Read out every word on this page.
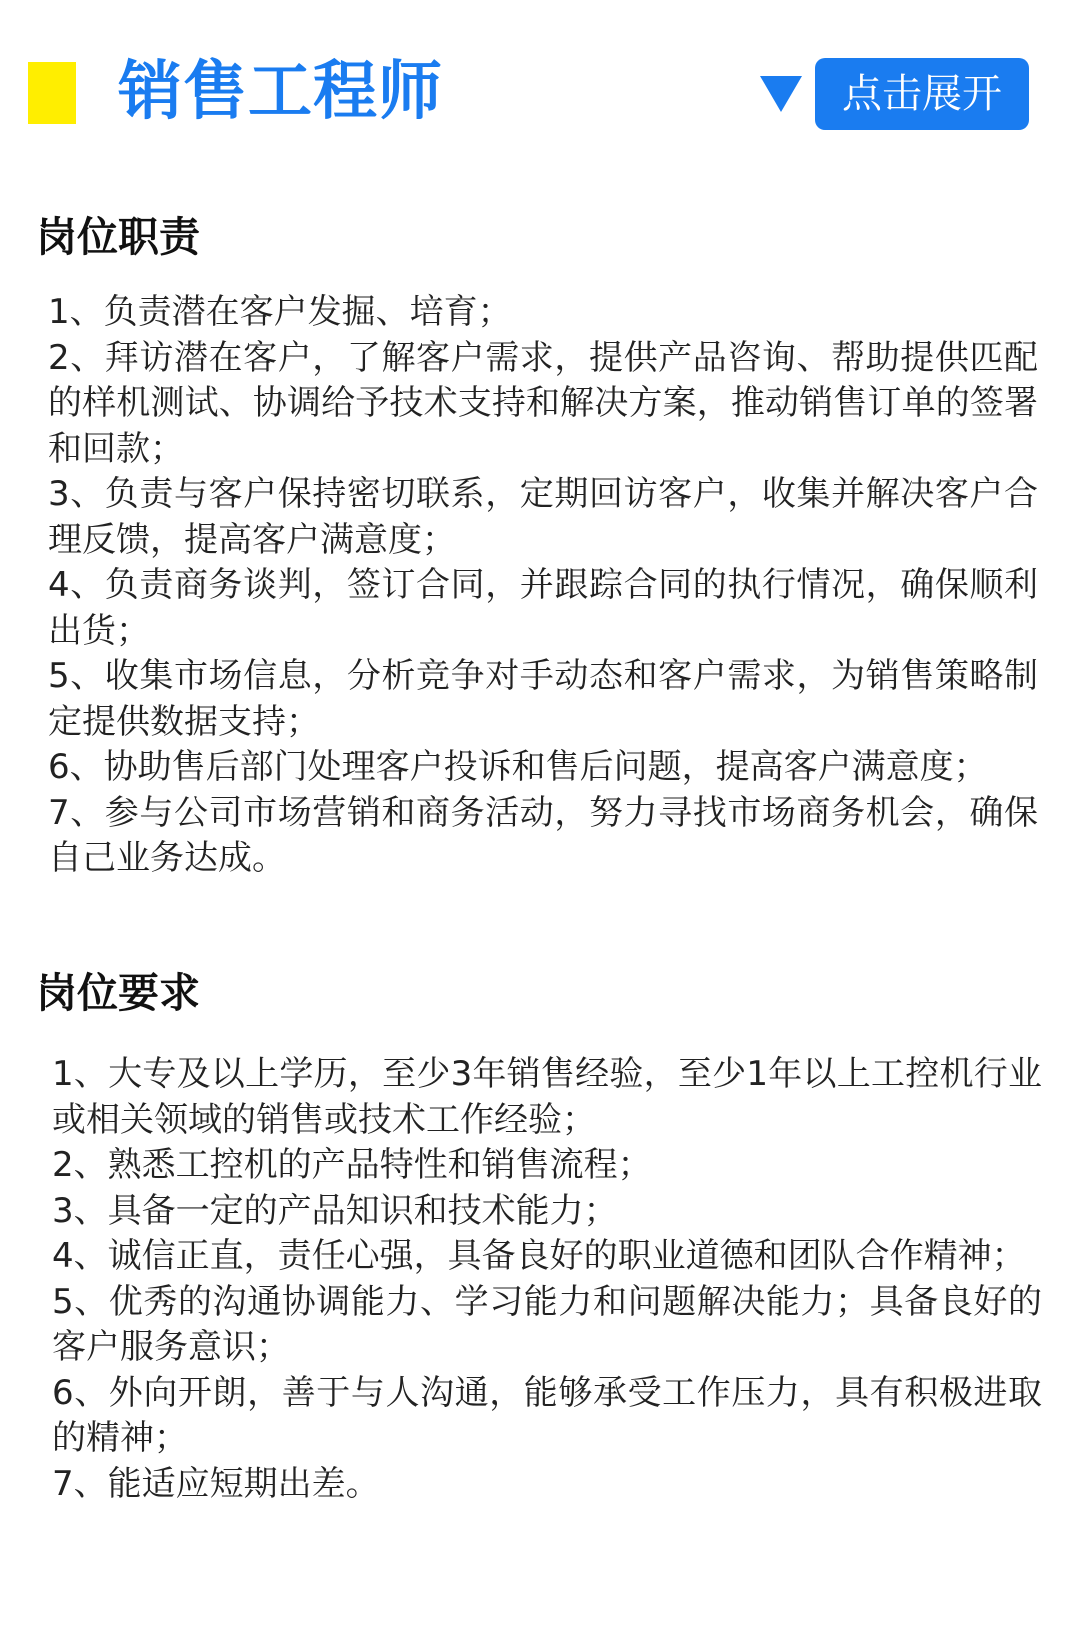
销售工程师	点击展开
岗位职责
1、负责潜在客户发掘、培育；
2、拜访潜在客户，了解客户需求，提供产品咨询、帮助提供匹配的样机测试、协调给予技术支持和解决方案，推动销售订单的签署和回款；
3、负责与客户保持密切联系，定期回访客户，收集并解决客户合理反馈，提高客户满意度；
4、负责商务谈判，签订合同，并跟踪合同的执行情况，确保顺利出货；
5、收集市场信息，分析竞争对手动态和客户需求，为销售策略制定提供数据支持；
6、协助售后部门处理客户投诉和售后问题，提高客户满意度；
7、参与公司市场营销和商务活动，努力寻找市场商务机会，确保自己业务达成。
岗位要求
1、大专及以上学历，至少3年销售经验，至少1年以上工控机行业或相关领域的销售或技术工作经验；
2、熟悉工控机的产品特性和销售流程；
3、具备一定的产品知识和技术能力；
4、诚信正直，责任心强，具备良好的职业道德和团队合作精神；
5、优秀的沟通协调能力、学习能力和问题解决能力；具备良好的客户服务意识；
6、外向开朗，善于与人沟通，能够承受工作压力，具有积极进取的精神；
7、能适应短期出差。
